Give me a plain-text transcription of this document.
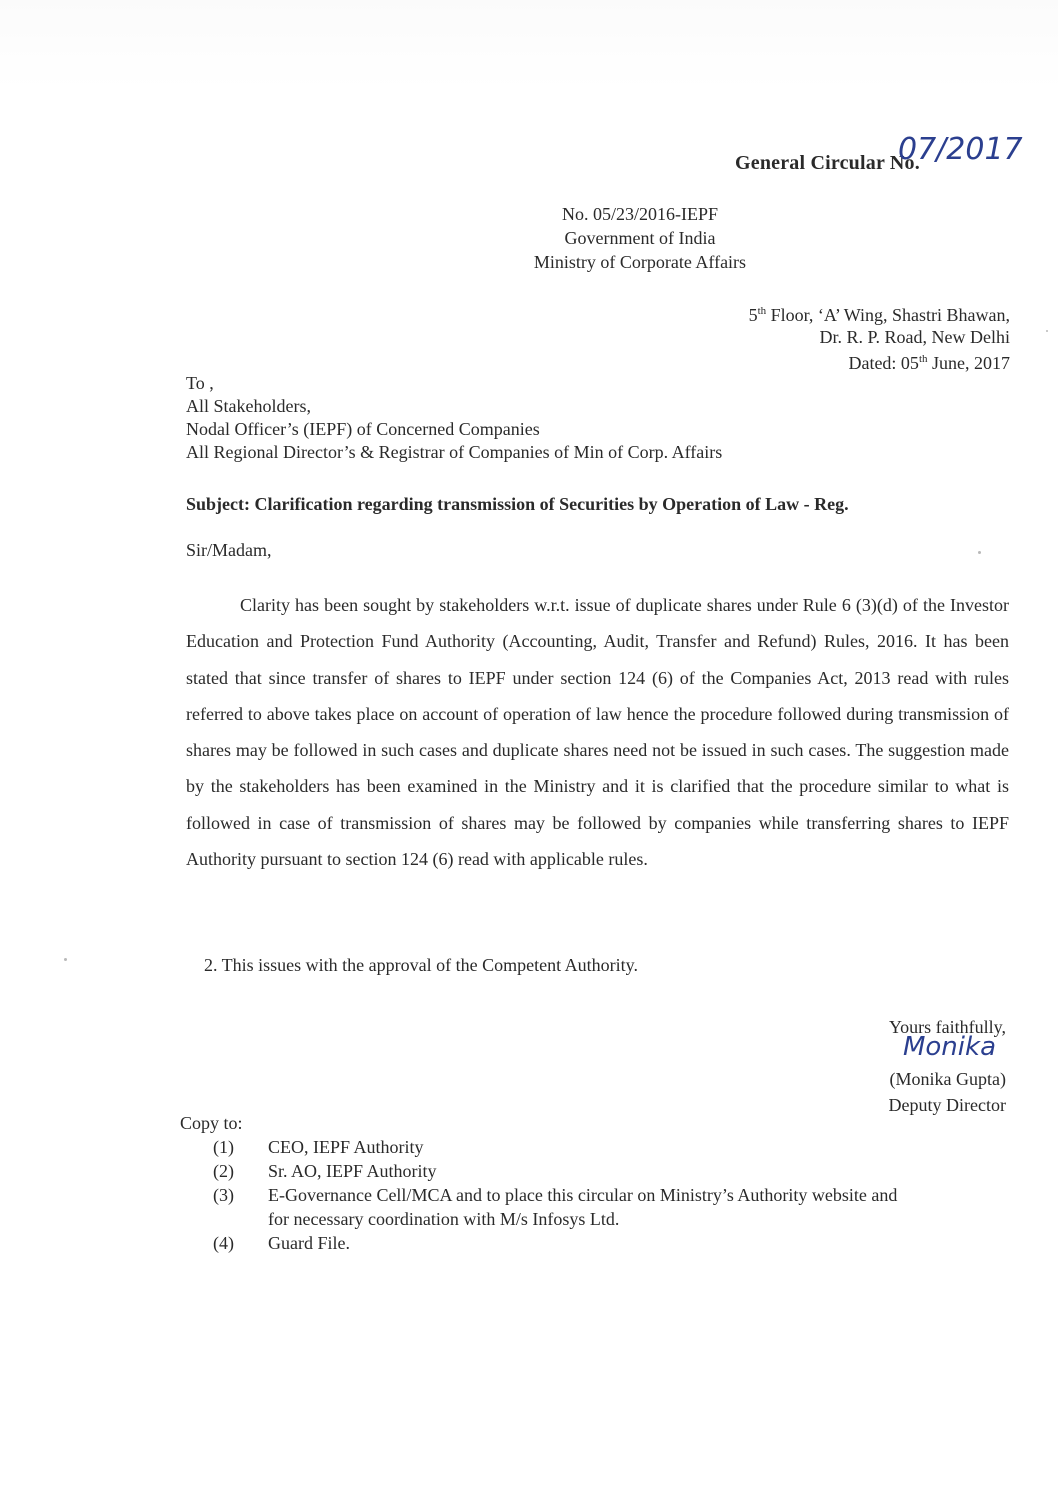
General Circular No.
07/2017
No. 05/23/2016-IEPF
Government of India
Ministry of Corporate Affairs
5th Floor, ‘A’ Wing, Shastri Bhawan,
Dr. R. P. Road, New Delhi
Dated: 05th June, 2017
To ,
All Stakeholders,
Nodal Officer’s (IEPF) of Concerned Companies
All Regional Director’s & Registrar of Companies of Min of Corp. Affairs
Subject: Clarification regarding transmission of Securities by Operation of Law - Reg.
Sir/Madam,
Clarity has been sought by stakeholders w.r.t. issue of duplicate shares under Rule 6 (3)(d) of the Investor Education and Protection Fund Authority (Accounting, Audit, Transfer and Refund) Rules, 2016. It has been stated that since transfer of shares to IEPF under section 124 (6) of the Companies Act, 2013 read with rules referred to above takes place on account of operation of law hence the procedure followed during transmission of shares may be followed in such cases and duplicate shares need not be issued in such cases. The suggestion made by the stakeholders has been examined in the Ministry and it is clarified that the procedure similar to what is followed in case of transmission of shares may be followed by companies while transferring shares to IEPF Authority pursuant to section 124 (6) read with applicable rules.
2. This issues with the approval of the Competent Authority.
Yours faithfully,
(Monika Gupta)
Deputy Director
Monika
Copy to:
(1)	CEO, IEPF Authority
(2)	Sr. AO, IEPF Authority
(3)	E-Governance Cell/MCA and to place this circular on Ministry’s Authority website and for necessary coordination with M/s Infosys Ltd.
(4)	Guard File.
